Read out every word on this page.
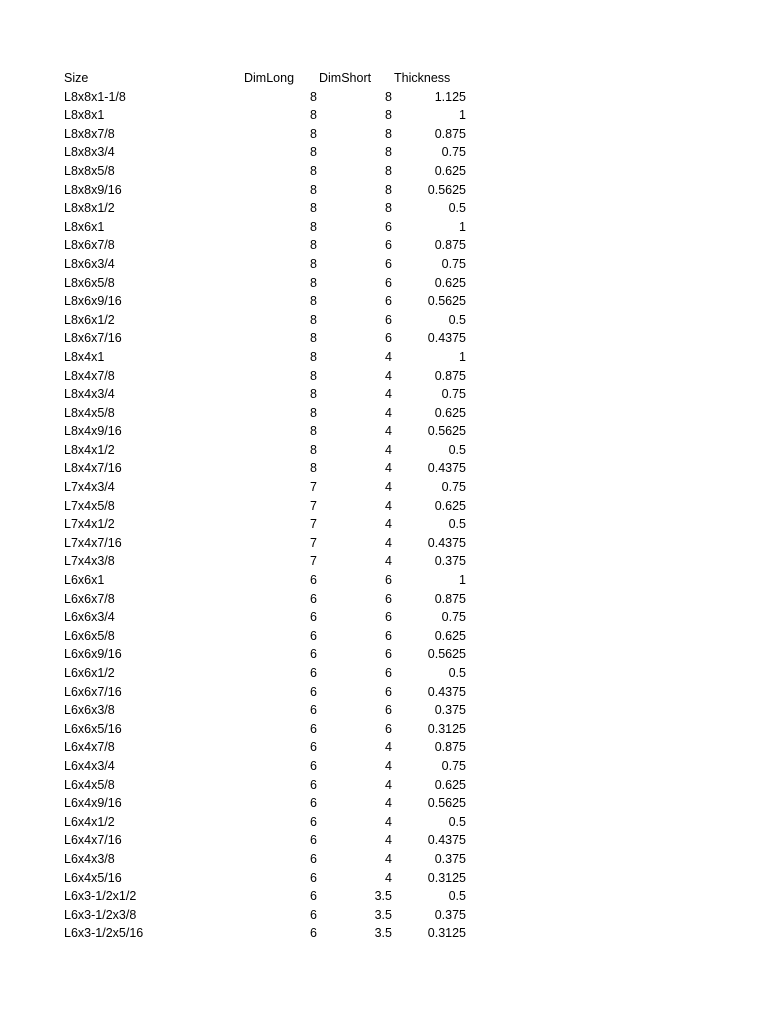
Size	DimLong DimShort Thickness
L8x8x1-1/8	8	8	1.125
L8x8x1	8	8	1
L8x8x7/8	8	8	0.875
L8x8x3/4	8	8	0.75
L8x8x5/8	8	8	0.625
L8x8x9/16	8	8	0.5625
L8x8x1/2	8	8	0.5
L8x6x1	8	6	1
L8x6x7/8	8	6	0.875
L8x6x3/4	8	6	0.75
L8x6x5/8	8	6	0.625
L8x6x9/16	8	6	0.5625
L8x6x1/2	8	6	0.5
L8x6x7/16	8	6	0.4375
L8x4x1	8	4	1
L8x4x7/8	8	4	0.875
L8x4x3/4	8	4	0.75
L8x4x5/8	8	4	0.625
L8x4x9/16	8	4	0.5625
L8x4x1/2	8	4	0.5
L8x4x7/16	8	4	0.4375
L7x4x3/4	7	4	0.75
L7x4x5/8	7	4	0.625
L7x4x1/2	7	4	0.5
L7x4x7/16	7	4	0.4375
L7x4x3/8	7	4	0.375
L6x6x1	6	6	1
L6x6x7/8	6	6	0.875
L6x6x3/4	6	6	0.75
L6x6x5/8	6	6	0.625
L6x6x9/16	6	6	0.5625
L6x6x1/2	6	6	0.5
L6x6x7/16	6	6	0.4375
L6x6x3/8	6	6	0.375
L6x6x5/16	6	6	0.3125
L6x4x7/8	6	4	0.875
L6x4x3/4	6	4	0.75
L6x4x5/8	6	4	0.625
L6x4x9/16	6	4	0.5625
L6x4x1/2	6	4	0.5
L6x4x7/16	6	4	0.4375
L6x4x3/8	6	4	0.375
L6x4x5/16	6	4	0.3125
L6x3-1/2x1/2	6	3.5	0.5
L6x3-1/2x3/8	6	3.5	0.375
L6x3-1/2x5/16	6	3.5	0.3125
